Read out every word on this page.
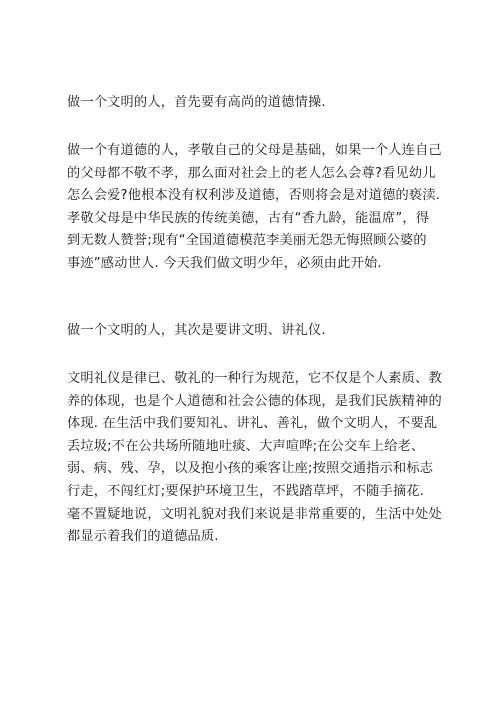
做一个文明的人，首先要有高尚的道德情操.

做一个有道德的人，孝敬自己的父母是基础，如果一个人连自己
的父母都不敬不孝，那么面对社会上的老人怎么会尊?看见幼儿
怎么会爱?他根本没有权利涉及道德，否则将会是对道德的亵渎.
孝敬父母是中华民族的传统美德，古有“香九龄，能温席”，得
到无数人赞誉;现有“全国道德模范李美丽无怨无悔照顾公婆的
事迹”感动世人. 今天我们做文明少年，必须由此开始.

做一个文明的人，其次是要讲文明、讲礼仪.

文明礼仪是律已、敬礼的一种行为规范，它不仅是个人素质、教
养的体现，也是个人道德和社会公德的体现，是我们民族精神的
体现. 在生活中我们要知礼、讲礼、善礼，做个文明人，不要乱
丢垃圾;不在公共场所随地吐痰、大声喧哗;在公交车上给老、
弱、病、残、孕，以及抱小孩的乘客让座;按照交通指示和标志
行走，不闯红灯;要保护环境卫生，不践踏草坪，不随手摘花.
毫不置疑地说，文明礼貌对我们来说是非常重要的，生活中处处
都显示着我们的道德品质.
